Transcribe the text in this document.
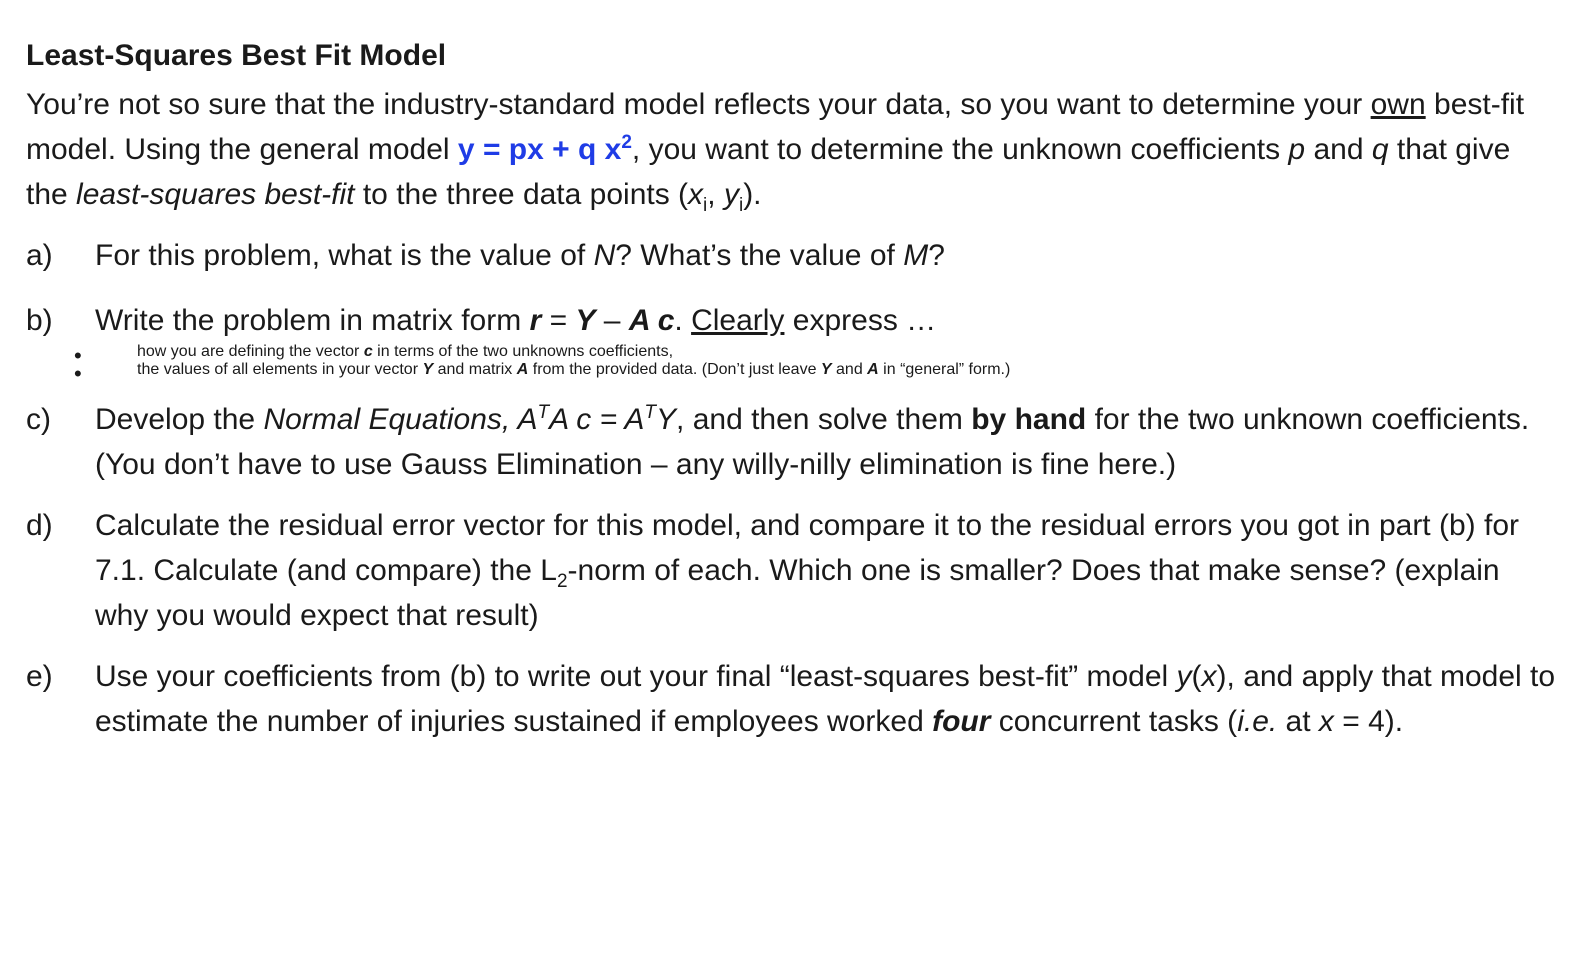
Least-Squares Best Fit Model

You’re not so sure that the industry-standard model reflects your data, so you want to determine your own best-fit model. Using the general model y = px + q $x^2$, you want to determine the unknown coefficients p and q that give the least-squares best-fit to the three data points ($x_i$, $y_i$).

a) For this problem, what is the value of N? What’s the value of M?
b) Write the problem in matrix form r = Y – A c. Clearly express …
•	how you are defining the vector c in terms of the two unknowns coefficients,
•	the values of all elements in your vector Y and matrix A from the provided data. (Don’t just leave Y and A in “general” form.)
c) Develop the Normal Equations, $A^TA$ $c = A^TY$, and then solve them by hand for the two unknown coefficients. (You don’t have to use Gauss Elimination – any willy-nilly elimination is fine here.)
d) Calculate the residual error vector for this model, and compare it to the residual errors you got in part (b) for 7.1. Calculate (and compare) the $L_2$-norm of each. Which one is smaller? Does that make sense? (explain why you would expect that result)
e) Use your coefficients from (b) to write out your final “least-squares best-fit” model y(x), and apply that model to estimate the number of injuries sustained if employees worked four concurrent tasks (i.e. at x = 4).
